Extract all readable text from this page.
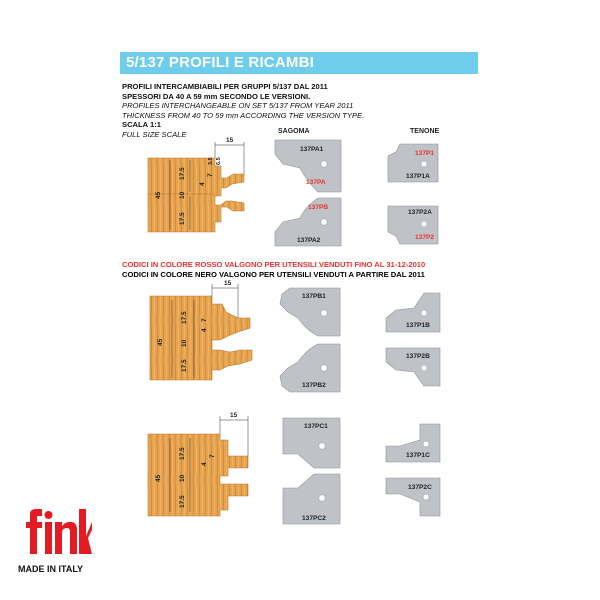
5/137 PROFILI E RICAMBI
PROFILI INTERCAMBIABILI PER GRUPPI 5/137 DAL 2011
SPESSORI DA 40 A 59 mm SECONDO LE VERSIONI.
PROFILES INTERCHANGEABLE ON SET 5/137 FROM YEAR 2011
THICKNESS FROM 40 TO 59 mm ACCORDING THE VERSION TYPE.
SCALA 1:1
FULL SIZE SCALE	SAGOMA	TENONE
CODICI IN COLORE ROSSO VALGONO PER UTENSILI VENDUTI FINO AL 31-12-2010
CODICI IN COLORE NERO VALGONO PER UTENSILI VENDUTI A PARTIRE DAL 2011
15
45
17.5
17.5
10
4
7
3.5 6.5
137PA1
137PA
137PB
137PA2
137P1
137P1A
137P2A
137P2
15
45
17.5
17.5
10
4
7
137PB1
137PB2
137P1B
137P2B
15
45
17.5
17.5
10
4
7
137PC1
137PC2
137P1C
137P2C
MADE IN ITALY
